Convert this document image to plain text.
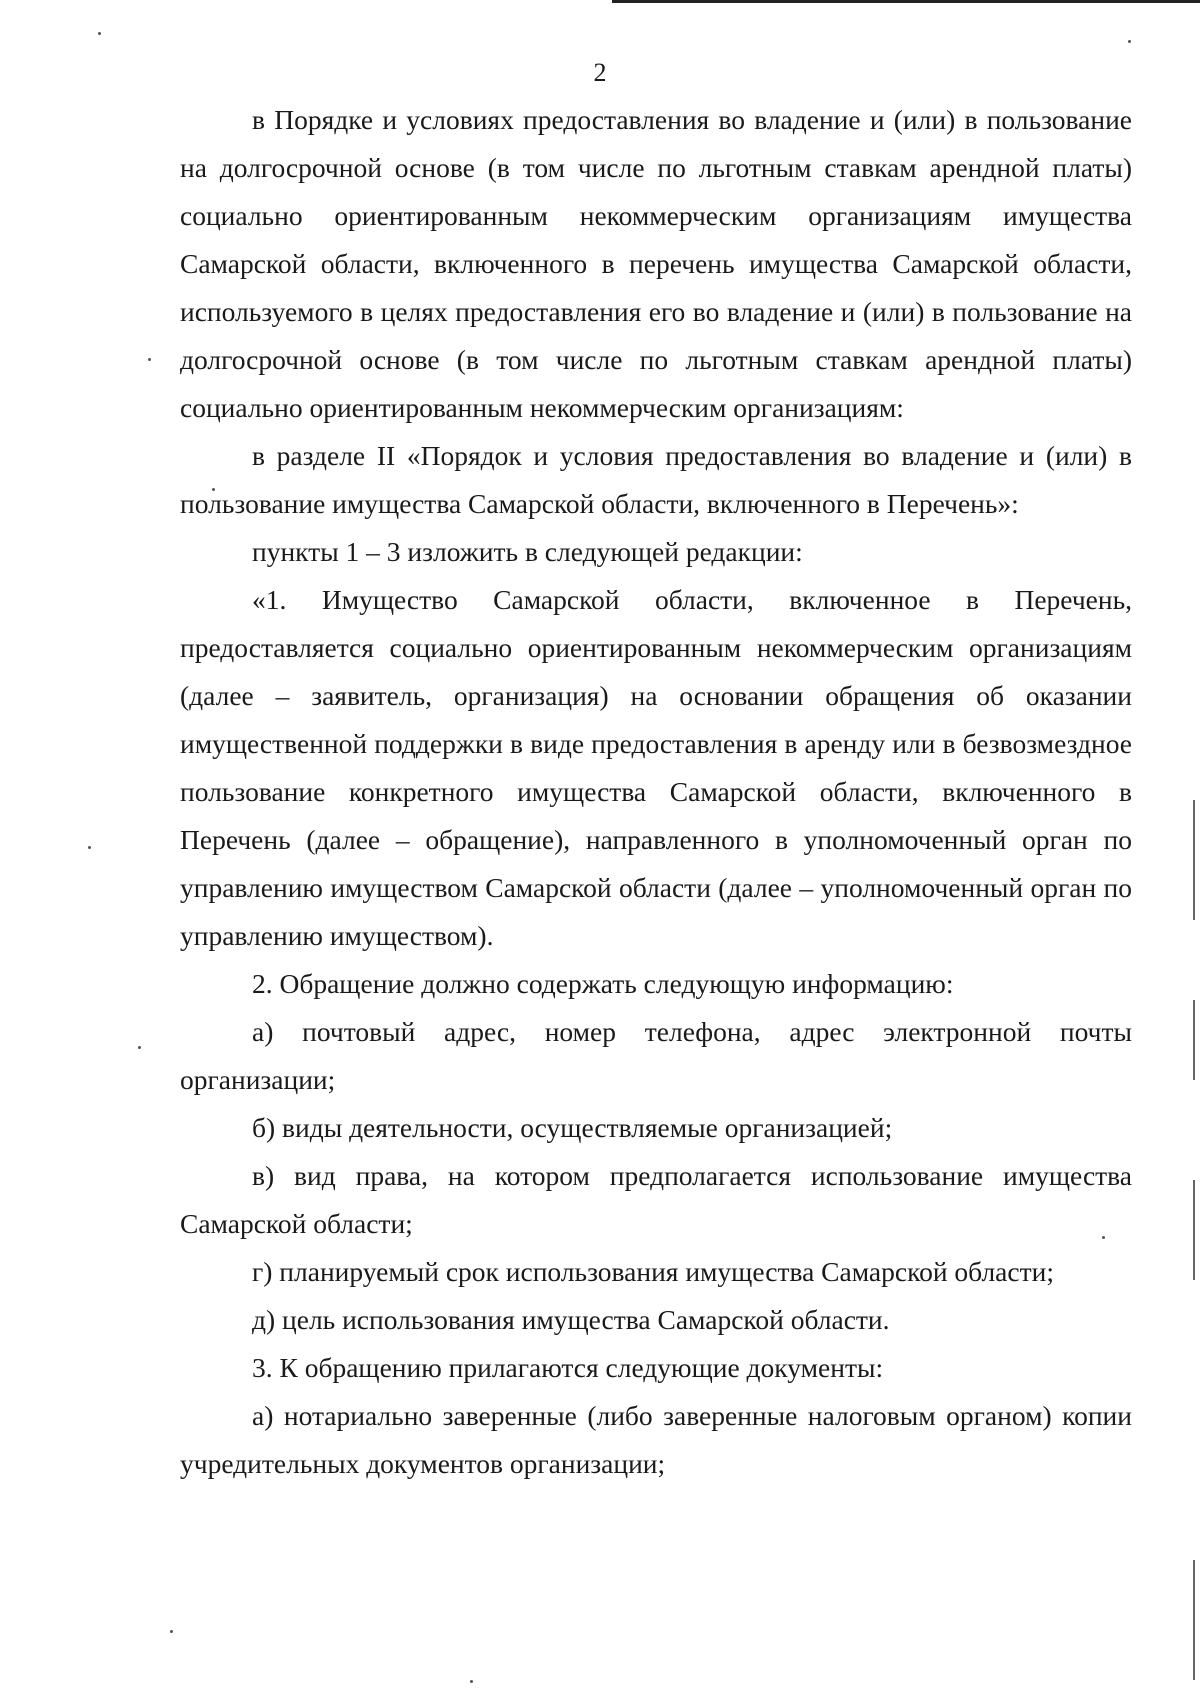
2

в Порядке и условиях предоставления во владение и (или) в пользование на долгосрочной основе (в том числе по льготным ставкам арендной платы) социально ориентированным некоммерческим организациям имущества Самарской области, включенного в перечень имущества Самарской области, используемого в целях предоставления его во владение и (или) в пользование на долгосрочной основе (в том числе по льготным ставкам арендной платы) социально ориентированным некоммерческим организациям:

в разделе II «Порядок и условия предоставления во владение и (или) в пользование имущества Самарской области, включенного в Перечень»:

пункты 1 – 3 изложить в следующей редакции:

«1. Имущество Самарской области, включенное в Перечень, предоставляется социально ориентированным некоммерческим организациям (далее – заявитель, организация) на основании обращения об оказании имущественной поддержки в виде предоставления в аренду или в безвозмездное пользование конкретного имущества Самарской области, включенного в Перечень (далее – обращение), направленного в уполномоченный орган по управлению имуществом Самарской области (далее – уполномоченный орган по управлению имуществом).

2. Обращение должно содержать следующую информацию:

а) почтовый адрес, номер телефона, адрес электронной почты организации;

б) виды деятельности, осуществляемые организацией;

в) вид права, на котором предполагается использование имущества Самарской области;

г) планируемый срок использования имущества Самарской области;

д) цель использования имущества Самарской области.

3. К обращению прилагаются следующие документы:

а) нотариально заверенные (либо заверенные налоговым органом) копии учредительных документов организации;
